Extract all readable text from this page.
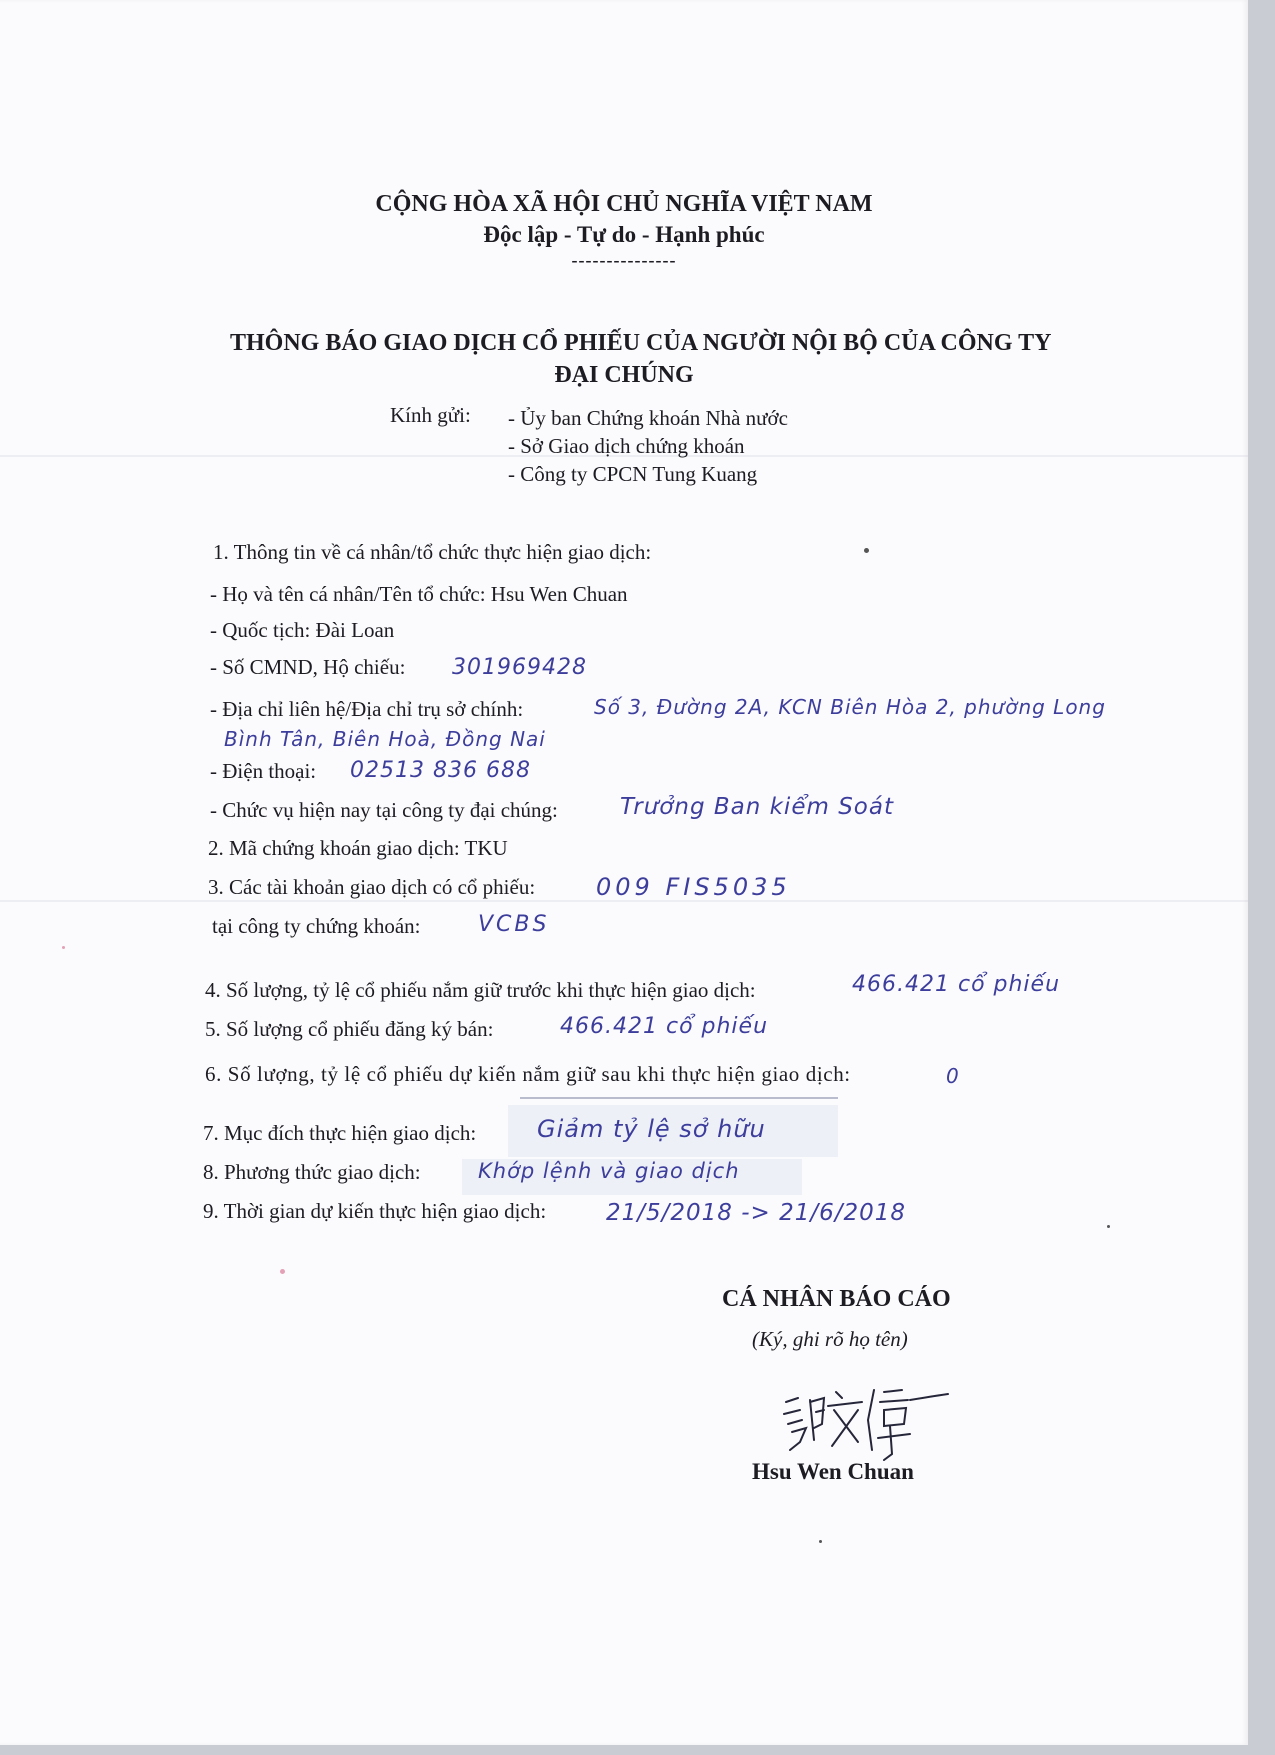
CỘNG HÒA XÃ HỘI CHỦ NGHĨA VIỆT NAM
Độc lập - Tự do - Hạnh phúc
---------------
THÔNG BÁO GIAO DỊCH CỔ PHIẾU CỦA NGƯỜI NỘI BỘ CỦA CÔNG TY
ĐẠI CHÚNG
Kính gửi: - Ủy ban Chứng khoán Nhà nước
- Sở Giao dịch chứng khoán
- Công ty CPCN Tung Kuang
1. Thông tin về cá nhân/tổ chức thực hiện giao dịch:
- Họ và tên cá nhân/Tên tổ chức: Hsu Wen Chuan
- Quốc tịch: Đài Loan
- Số CMND, Hộ chiếu: 301969428
- Địa chỉ liên hệ/Địa chỉ trụ sở chính:	Số 3, Đường 2A, KCN Biên Hòa 2, phường Long
Bình Tân, Biên Hoà, Đồng Nai
- Điện thoại: 02513 836 688
- Chức vụ hiện nay tại công ty đại chúng:	Trưởng Ban kiểm Soát
2. Mã chứng khoán giao dịch: TKU
3. Các tài khoản giao dịch có cổ phiếu:	009 FIS5035
tại công ty chứng khoán:	VCBS
4. Số lượng, tỷ lệ cổ phiếu nắm giữ trước khi thực hiện giao dịch:	466.421 cổ phiếu
5. Số lượng cổ phiếu đăng ký bán:	466.421 cổ phiếu
6. Số lượng, tỷ lệ cổ phiếu dự kiến nắm giữ sau khi thực hiện giao dịch:	0
7. Mục đích thực hiện giao dịch:	Giảm tỷ lệ sở hữu
8. Phương thức giao dịch:	Khớp lệnh và giao dịch
9. Thời gian dự kiến thực hiện giao dịch:	21/5/2018 -> 21/6/2018
CÁ NHÂN BÁO CÁO
(Ký, ghi rõ họ tên)
Hsu Wen Chuan
